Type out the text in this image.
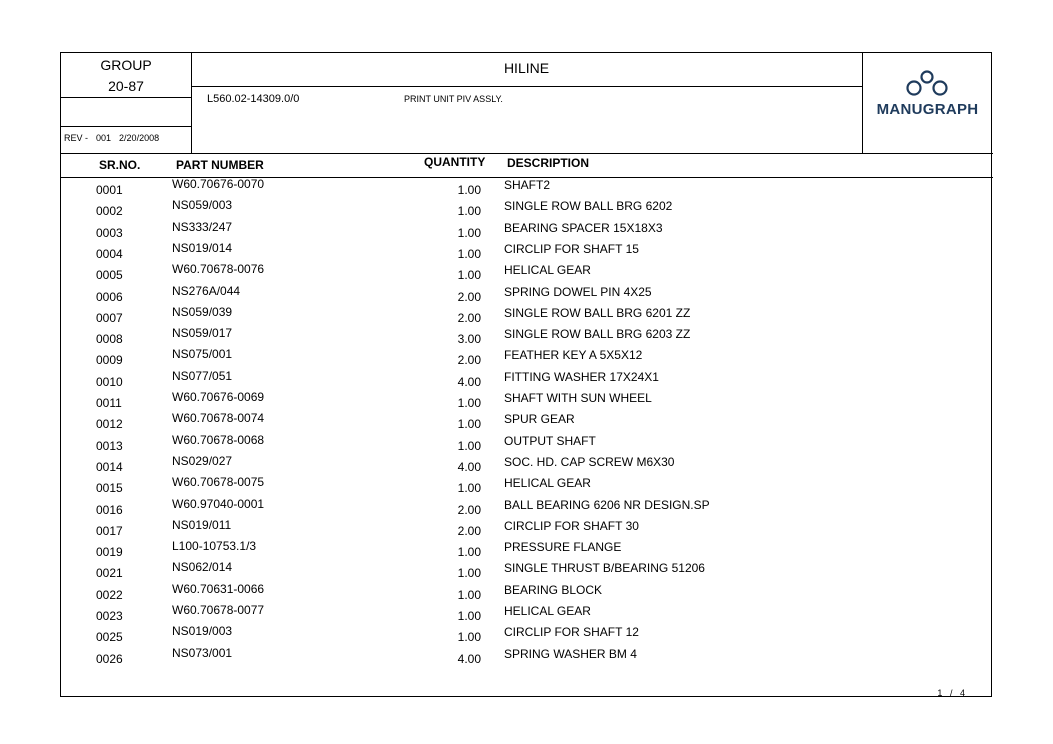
GROUP
20-87
REV - 001 2/20/2008
HILINE
L560.02-14309.0/0	PRINT UNIT PIV ASSLY.
MANUGRAPH
SR.NO.	PART NUMBER	QUANTITY DESCRIPTION
0001	W60.70676-0070	1.00 SHAFT2
0002	NS059/003	1.00 SINGLE ROW BALL BRG 6202
0003	NS333/247	1.00 BEARING SPACER 15X18X3
0004	NS019/014	1.00 CIRCLIP FOR SHAFT 15
0005	W60.70678-0076	1.00 HELICAL GEAR
0006	NS276A/044	2.00 SPRING DOWEL PIN 4X25
0007	NS059/039	2.00 SINGLE ROW BALL BRG 6201 ZZ
0008	NS059/017	3.00 SINGLE ROW BALL BRG 6203 ZZ
0009	NS075/001	2.00 FEATHER KEY A 5X5X12
0010	NS077/051	4.00 FITTING WASHER 17X24X1
0011	W60.70676-0069	1.00 SHAFT WITH SUN WHEEL
0012	W60.70678-0074	1.00 SPUR GEAR
0013	W60.70678-0068	1.00 OUTPUT SHAFT
0014	NS029/027	4.00 SOC. HD. CAP SCREW M6X30
0015	W60.70678-0075	1.00 HELICAL GEAR
0016	W60.97040-0001	2.00 BALL BEARING 6206 NR DESIGN.SP
0017	NS019/011	2.00 CIRCLIP FOR SHAFT 30
0019	L100-10753.1/3	1.00 PRESSURE FLANGE
0021	NS062/014	1.00 SINGLE THRUST B/BEARING 51206
0022	W60.70631-0066	1.00 BEARING BLOCK
0023	W60.70678-0077	1.00 HELICAL GEAR
0025	NS019/003	1.00 CIRCLIP FOR SHAFT 12
0026	NS073/001	4.00 SPRING WASHER BM 4
1 / 4
